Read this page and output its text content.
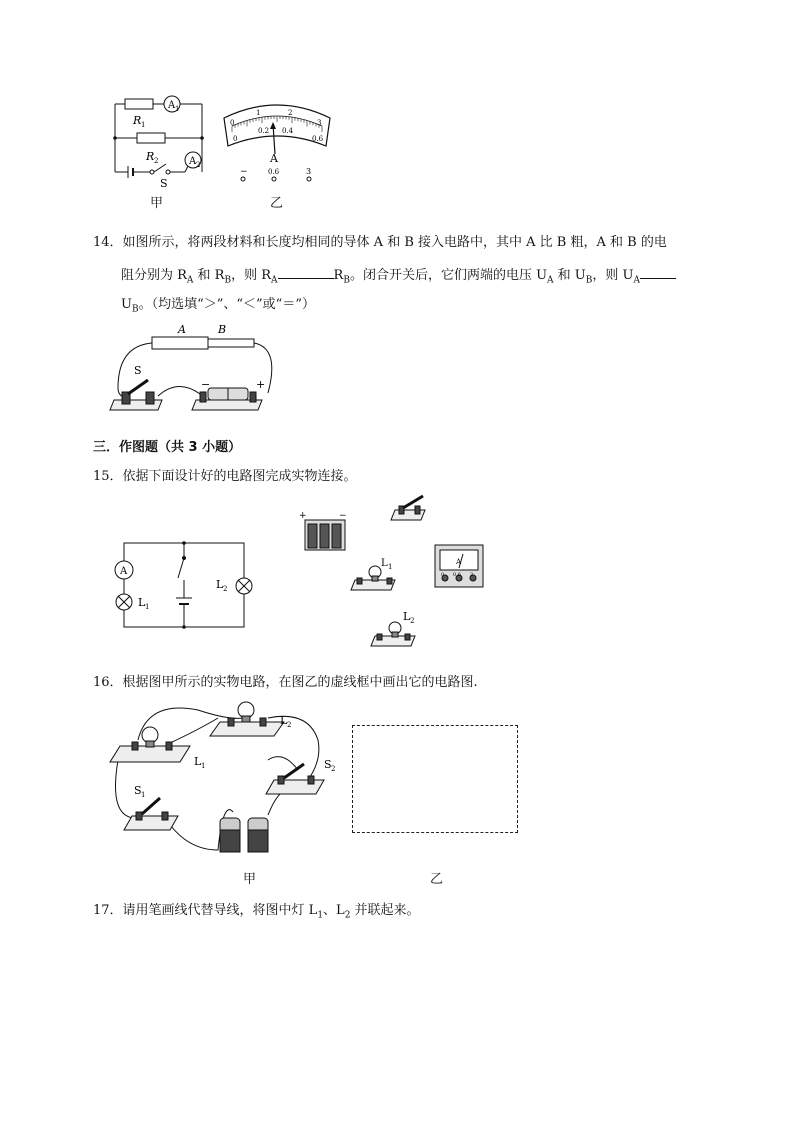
A 1
R 1
R 2	A 2
S
甲
0
1	2
3
0
0.2 0.4
0.6
A
−	0.6	3
乙
14．如图所示，将两段材料和长度均相同的导体 A 和 B 接入电路中，其中 A 比 B 粗，A 和 B 的电
阻分别为 $R_A$ 和 $R_B$，则 $R_A$	$R_B$。闭合开关后，它们两端的电压 $U_A$ 和 $U_B$，则 $U_A$
$U_B$。（均选填“＞”、“＜”或“＝”）
A	B
S
−	+
三．作图题（共 3 小题）
15．依据下面设计好的电路图完成实物连接。
A
L 1
L 2
+	−
L 1
A
0 0.6 3
L 2
16．根据图甲所示的实物电路，在图乙的虚线框中画出它的电路图.
L 1
L 2
S 2
S 1
甲	乙
17．请用笔画线代替导线，将图中灯 $L_1$、$L_2$ 并联起来。
